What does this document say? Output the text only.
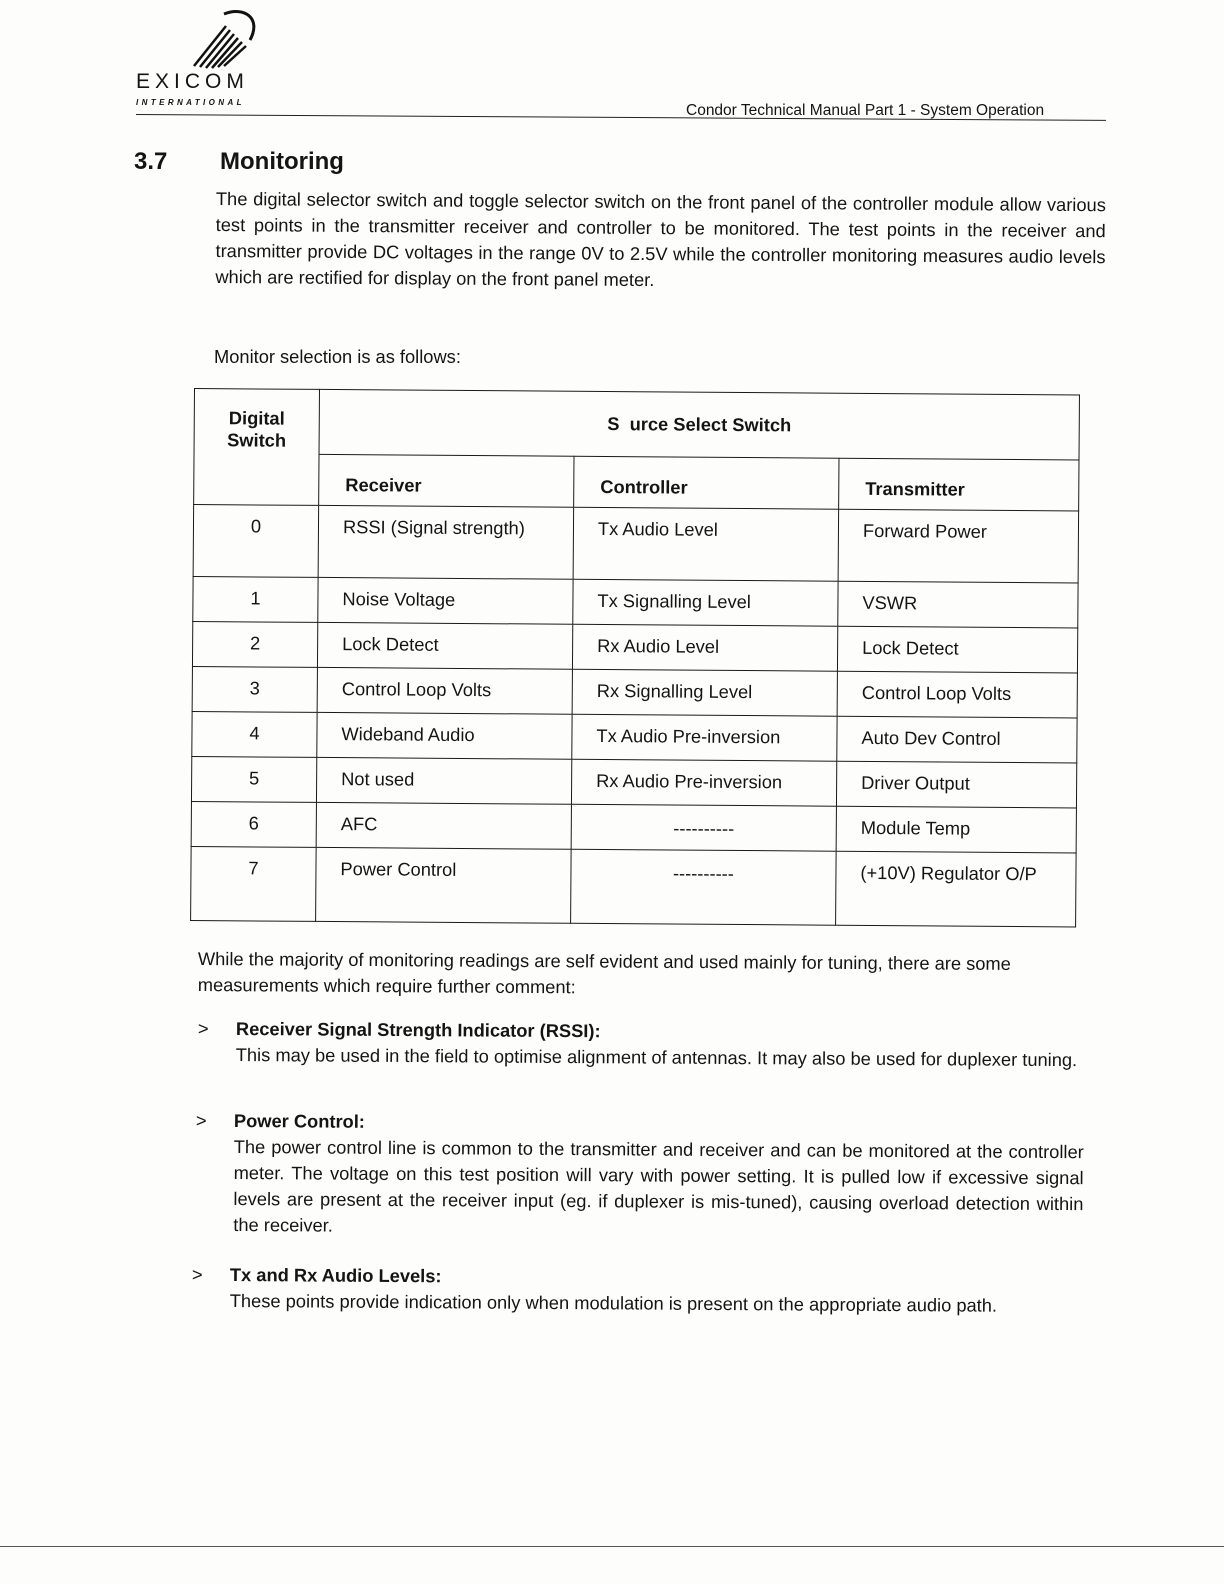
EXICOM
INTERNATIONAL	Condor Technical Manual Part 1 - System Operation
3.7 Monitoring
The digital selector switch and toggle selector switch on the front panel of the controller module allow various test points in the transmitter receiver and controller to be monitored. The test points in the receiver and transmitter provide DC voltages in the range 0V to 2.5V while the controller monitoring measures audio levels which are rectified for display on the front panel meter.
Monitor selection is as follows:
Digital Switch	S  urce Select Switch		
	Receiver	Controller	Transmitter
0	RSSI (Signal strength)	Tx Audio Level	Forward Power
1	Noise Voltage	Tx Signalling Level	VSWR
2	Lock Detect	Rx Audio Level	Lock Detect
3	Control Loop Volts	Rx Signalling Level	Control Loop Volts
4	Wideband Audio	Tx Audio Pre-inversion	Auto Dev Control
5	Not used	Rx Audio Pre-inversion	Driver Output
6	AFC	----------	Module Temp
7	Power Control	----------	(+10V) Regulator O/P
While the majority of monitoring readings are self evident and used mainly for tuning, there are some measurements which require further comment:
> Receiver Signal Strength Indicator (RSSI):
This may be used in the field to optimise alignment of antennas. It may also be used for duplexer tuning.
> Power Control:
The power control line is common to the transmitter and receiver and can be monitored at the controller meter. The voltage on this test position will vary with power setting. It is pulled low if excessive signal levels are present at the receiver input (eg. if duplexer is mis-tuned), causing overload detection within the receiver.
> Tx and Rx Audio Levels:
These points provide indication only when modulation is present on the appropriate audio path.
